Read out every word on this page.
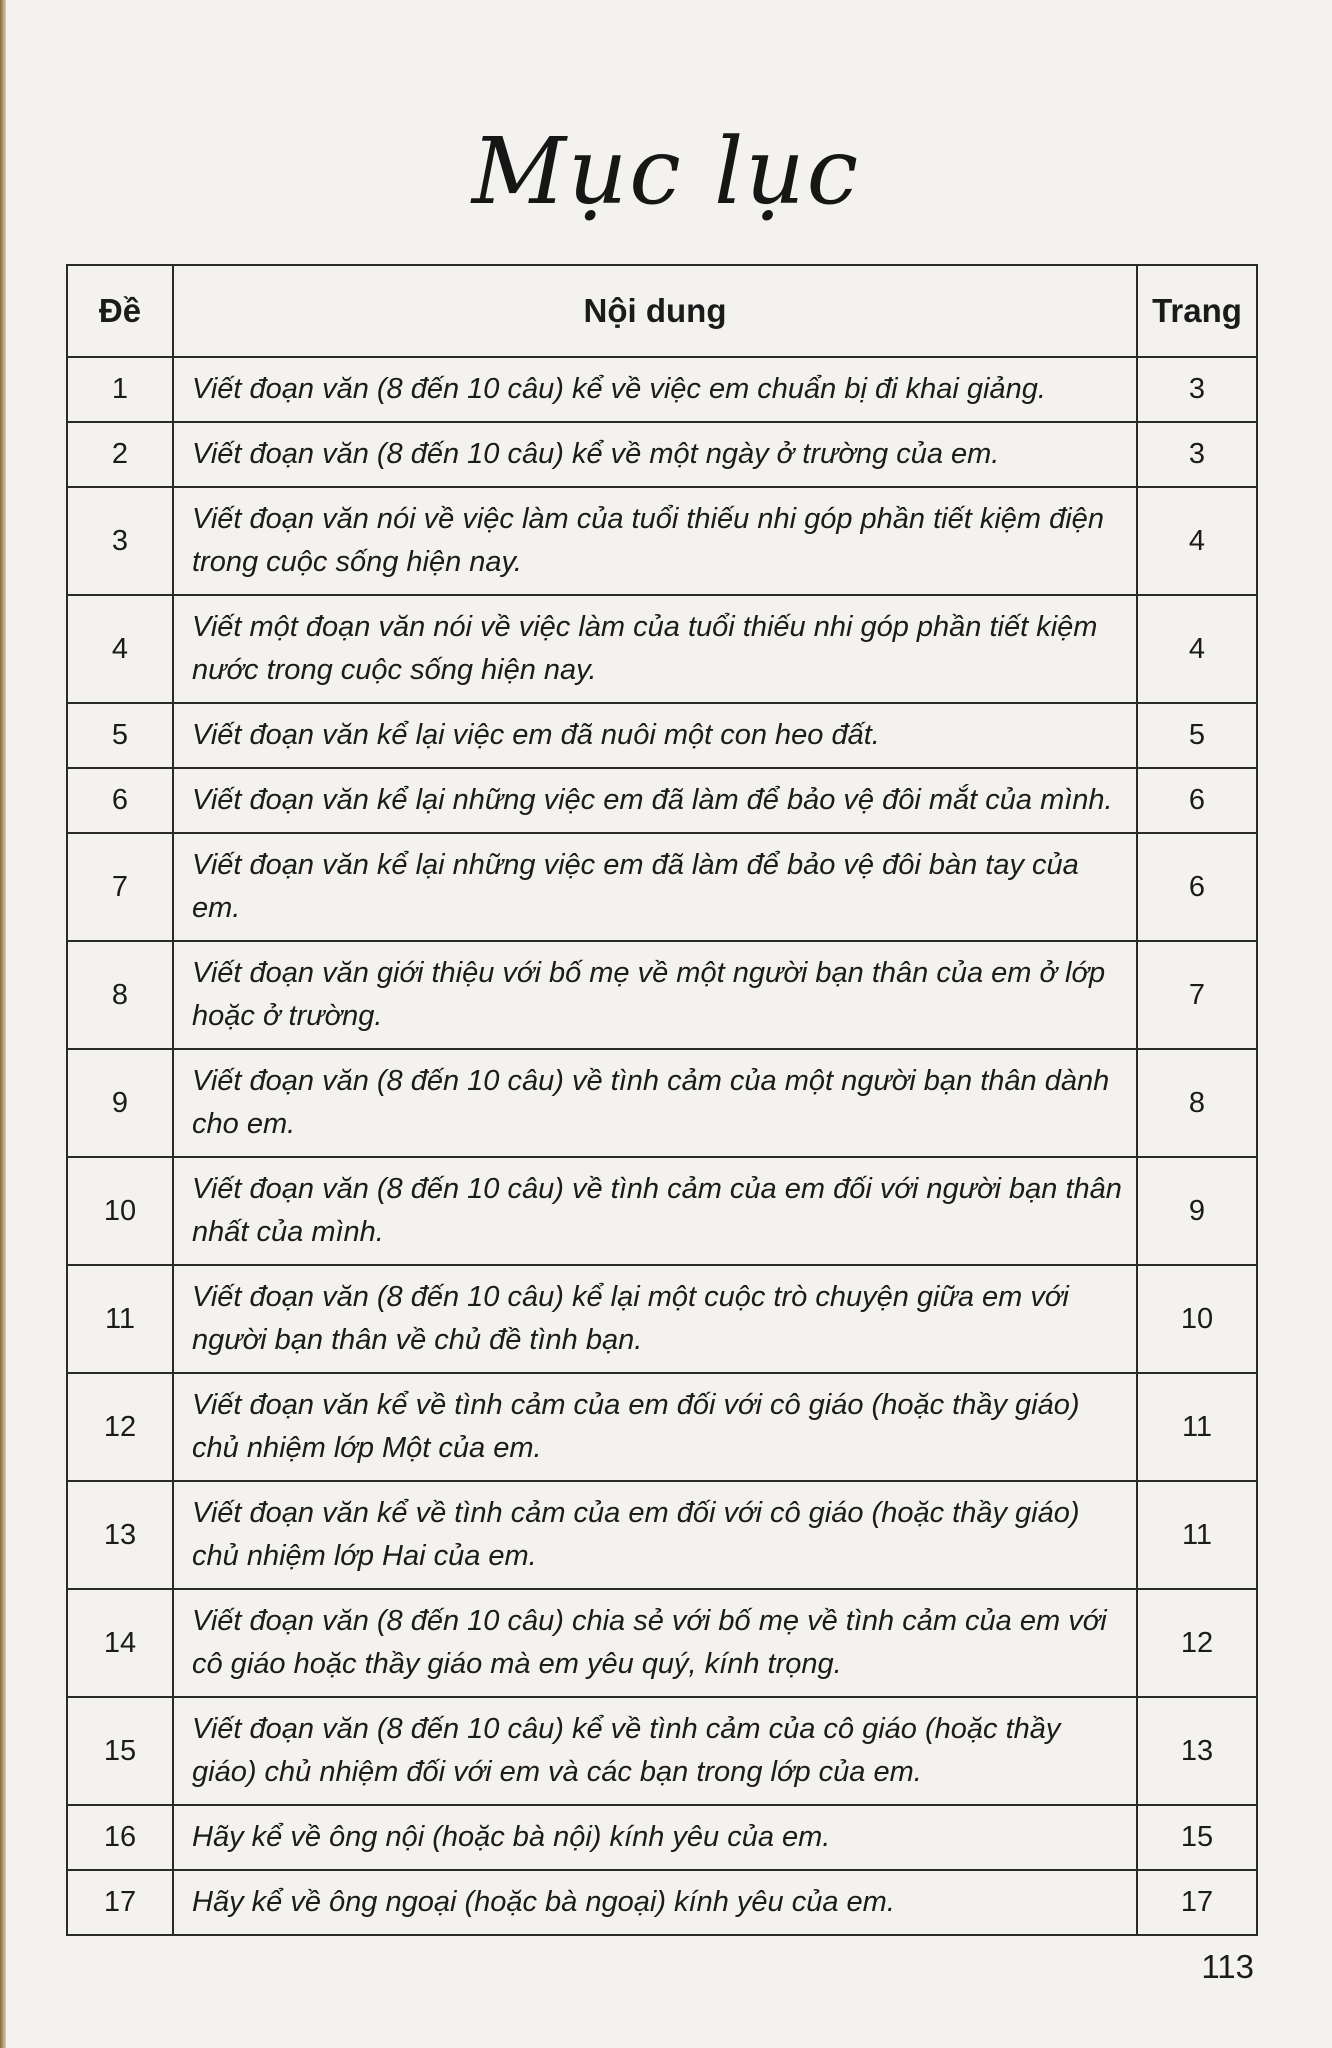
Mục lục
Đề	Nội dung	Trang
1	Viết đoạn văn (8 đến 10 câu) kể về việc em chuẩn bị đi khai giảng.	3
2	Viết đoạn văn (8 đến 10 câu) kể về một ngày ở trường của em.	3
3	Viết đoạn văn nói về việc làm của tuổi thiếu nhi góp phần tiết kiệm điện trong cuộc sống hiện nay.	4
4	Viết một đoạn văn nói về việc làm của tuổi thiếu nhi góp phần tiết kiệm nước trong cuộc sống hiện nay.	4
5	Viết đoạn văn kể lại việc em đã nuôi một con heo đất.	5
6	Viết đoạn văn kể lại những việc em đã làm để bảo vệ đôi mắt của mình.	6
7	Viết đoạn văn kể lại những việc em đã làm để bảo vệ đôi bàn tay của em.	6
8	Viết đoạn văn giới thiệu với bố mẹ về một người bạn thân của em ở lớp hoặc ở trường.	7
9	Viết đoạn văn (8 đến 10 câu) về tình cảm của một người bạn thân dành cho em.	8
10	Viết đoạn văn (8 đến 10 câu) về tình cảm của em đối với người bạn thân nhất của mình.	9
11	Viết đoạn văn (8 đến 10 câu) kể lại một cuộc trò chuyện giữa em với người bạn thân về chủ đề tình bạn.	10
12	Viết đoạn văn kể về tình cảm của em đối với cô giáo (hoặc thầy giáo) chủ nhiệm lớp Một của em.	11
13	Viết đoạn văn kể về tình cảm của em đối với cô giáo (hoặc thầy giáo) chủ nhiệm lớp Hai của em.	11
14	Viết đoạn văn (8 đến 10 câu) chia sẻ với bố mẹ về tình cảm của em với cô giáo hoặc thầy giáo mà em yêu quý, kính trọng.	12
15	Viết đoạn văn (8 đến 10 câu) kể về tình cảm của cô giáo (hoặc thầy giáo) chủ nhiệm đối với em và các bạn trong lớp của em.	13
16	Hãy kể về ông nội (hoặc bà nội) kính yêu của em.	15
17	Hãy kể về ông ngoại (hoặc bà ngoại) kính yêu của em.	17
113
